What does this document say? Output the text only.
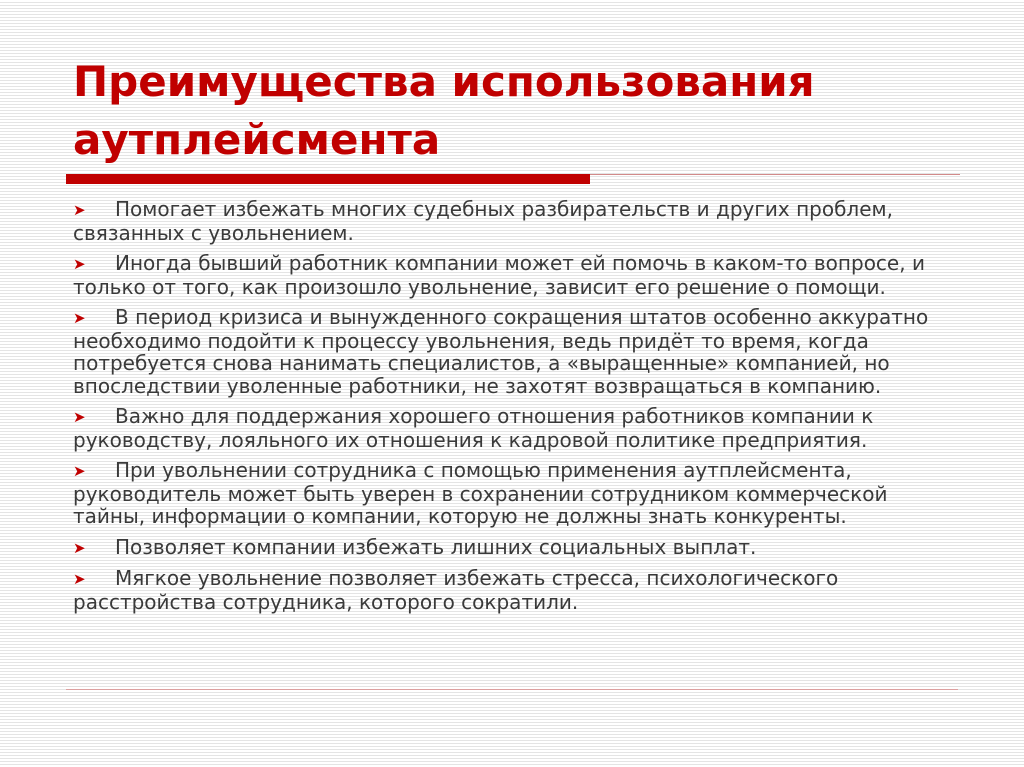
Преимущества использования аутплейсмента
➤ Помогает избежать многих судебных разбирательств и других проблем, связанных с увольнением.
➤ Иногда бывший работник компании может ей помочь в каком-то вопросе, и только от того, как произошло увольнение, зависит его решение о помощи.
➤ В период кризиса и вынужденного сокращения штатов особенно аккуратно необходимо подойти к процессу увольнения, ведь придёт то время, когда потребуется снова нанимать специалистов, а «выращенные» компанией, но впоследствии уволенные работники, не захотят возвращаться в компанию.
➤ Важно для поддержания хорошего отношения работников компании к руководству, лояльного их отношения к кадровой политике предприятия.
➤ При увольнении сотрудника с помощью применения аутплейсмента, руководитель может быть уверен в сохранении сотрудником коммерческой тайны, информации о компании, которую не должны знать конкуренты.
➤ Позволяет компании избежать лишних социальных выплат.
➤ Мягкое увольнение позволяет избежать стресса, психологического расстройства сотрудника, которого сократили.
